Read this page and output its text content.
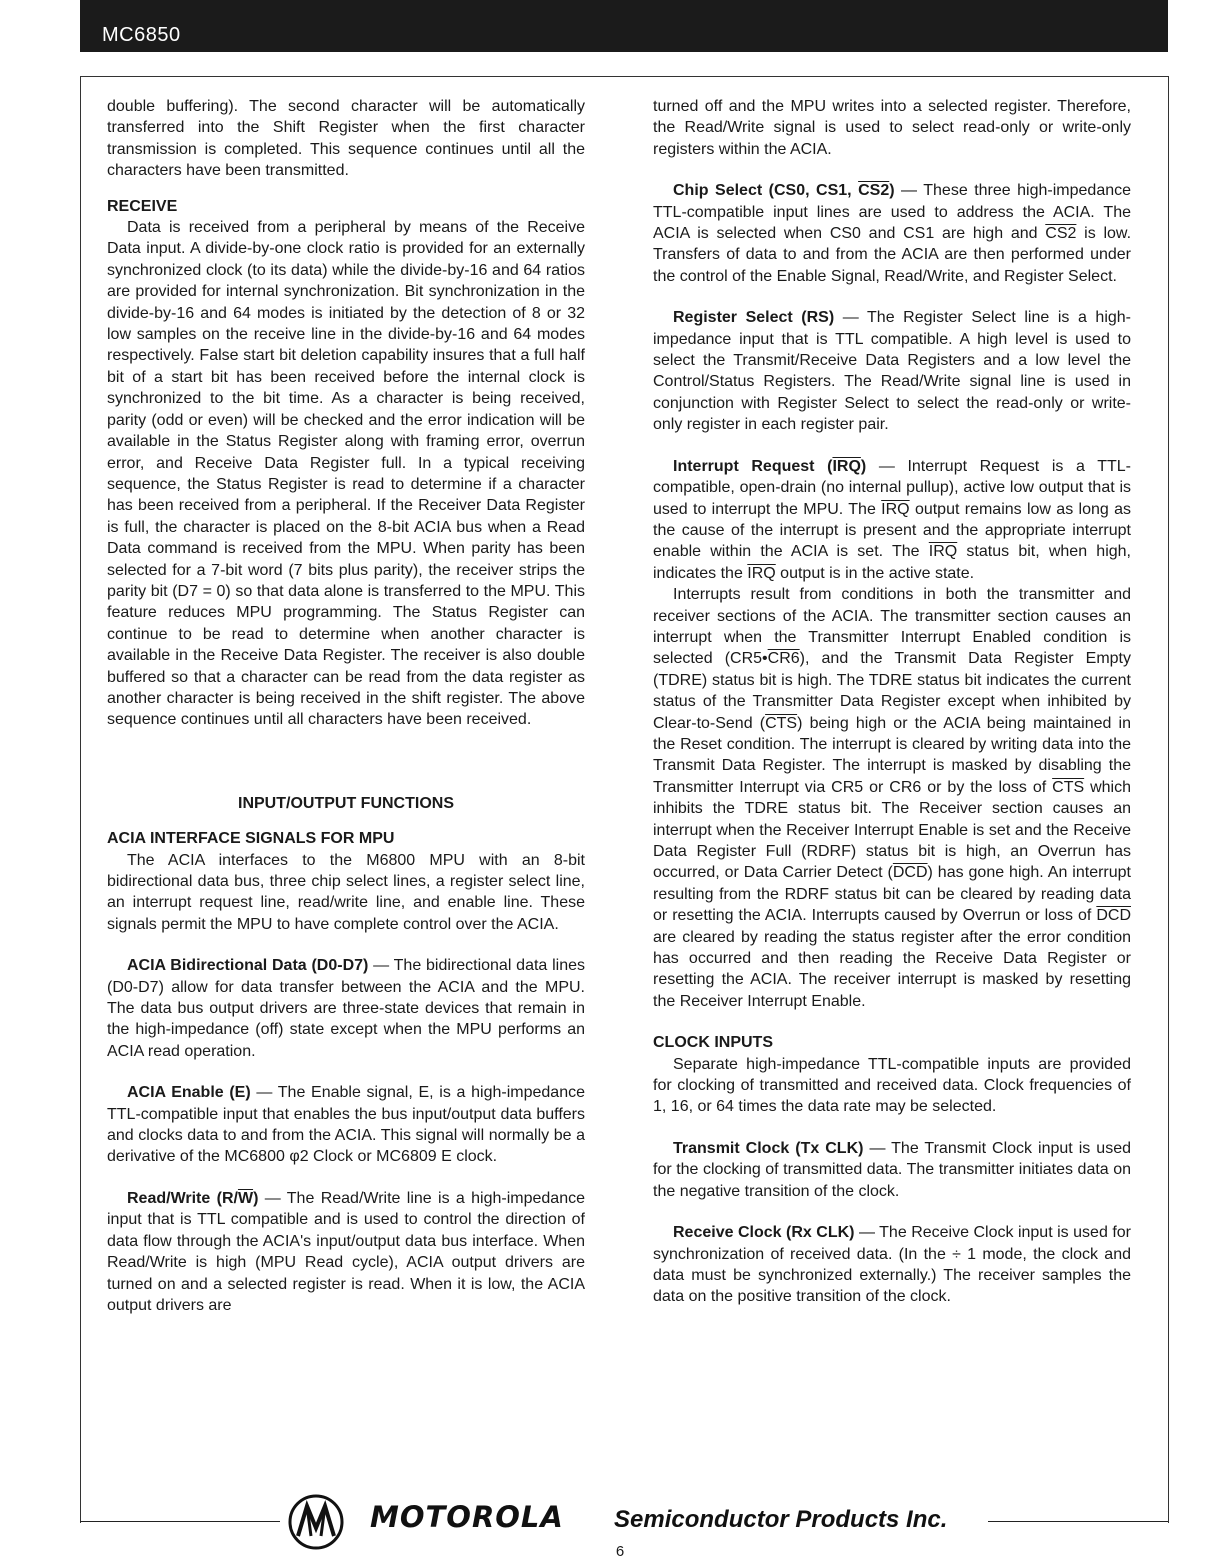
MC6850

double buffering). The second character will be automatically transferred into the Shift Register when the first character transmission is completed. This sequence continues until all the characters have been transmitted.

RECEIVE

Data is received from a peripheral by means of the Receive Data input. A divide-by-one clock ratio is provided for an externally synchronized clock (to its data) while the divide-by-16 and 64 ratios are provided for internal synchronization. Bit synchronization in the divide-by-16 and 64 modes is initiated by the detection of 8 or 32 low samples on the receive line in the divide-by-16 and 64 modes respectively. False start bit deletion capability insures that a full half bit of a start bit has been received before the internal clock is synchronized to the bit time. As a character is being received, parity (odd or even) will be checked and the error indication will be available in the Status Register along with framing error, overrun error, and Receive Data Register full. In a typical receiving sequence, the Status Register is read to determine if a character has been received from a peripheral. If the Receiver Data Register is full, the character is placed on the 8-bit ACIA bus when a Read Data command is received from the MPU. When parity has been selected for a 7-bit word (7 bits plus parity), the receiver strips the parity bit (D7 = 0) so that data alone is transferred to the MPU. This feature reduces MPU programming. The Status Register can continue to be read to determine when another character is available in the Receive Data Register. The receiver is also double buffered so that a character can be read from the data register as another character is being received in the shift register. The above sequence continues until all characters have been received.

INPUT/OUTPUT FUNCTIONS

ACIA INTERFACE SIGNALS FOR MPU

The ACIA interfaces to the M6800 MPU with an 8-bit bidirectional data bus, three chip select lines, a register select line, an interrupt request line, read/write line, and enable line. These signals permit the MPU to have complete control over the ACIA.

ACIA Bidirectional Data (D0-D7) — The bidirectional data lines (D0-D7) allow for data transfer between the ACIA and the MPU. The data bus output drivers are three-state devices that remain in the high-impedance (off) state except when the MPU performs an ACIA read operation.

ACIA Enable (E) — The Enable signal, E, is a high-impedance TTL-compatible input that enables the bus input/output data buffers and clocks data to and from the ACIA. This signal will normally be a derivative of the MC6800 φ2 Clock or MC6809 E clock.

Read/Write $(R/\overline{W})$ — The Read/Write line is a high-impedance input that is TTL compatible and is used to control the direction of data flow through the ACIA's input/output data bus interface. When Read/Write is high (MPU Read cycle), ACIA output drivers are turned on and a selected register is read. When it is low, the ACIA output drivers are

turned off and the MPU writes into a selected register. Therefore, the Read/Write signal is used to select read-only or write-only registers within the ACIA.

Chip Select (CS0, CS1, CS2) — These three high-impedance TTL-compatible input lines are used to address the ACIA. The ACIA is selected when CS0 and CS1 are high and CS2 is low. Transfers of data to and from the ACIA are then performed under the control of the Enable Signal, Read/Write, and Register Select.

Register Select (RS) — The Register Select line is a high-impedance input that is TTL compatible. A high level is used to select the Transmit/Receive Data Registers and a low level the Control/Status Registers. The Read/Write signal line is used in conjunction with Register Select to select the read-only or write-only register in each register pair.

Interrupt Request $(\overline{IRQ})$ — Interrupt Request is a TTL-compatible, open-drain (no internal pullup), active low output that is used to interrupt the MPU. The $\overline{IRQ}$ output remains low as long as the cause of the interrupt is present and the appropriate interrupt enable within the ACIA is set. The $\overline{IRQ}$ status bit, when high, indicates the $\overline{IRQ}$ output is in the active state.

Interrupts result from conditions in both the transmitter and receiver sections of the ACIA. The transmitter section causes an interrupt when the Transmitter Interrupt Enabled condition is selected (CR5•CR6), and the Transmit Data Register Empty (TDRE) status bit is high. The TDRE status bit indicates the current status of the Transmitter Data Register except when inhibited by Clear-to-Send $(\overline{CTS})$ being high or the ACIA being maintained in the Reset condition. The interrupt is cleared by writing data into the Transmit Data Register. The interrupt is masked by disabling the Transmitter Interrupt via CR5 or CR6 or by the loss of $\overline{CTS}$ which inhibits the TDRE status bit. The Receiver section causes an interrupt when the Receiver Interrupt Enable is set and the Receive Data Register Full (RDRF) status bit is high, an Overrun has occurred, or Data Carrier Detect $(\overline{DCD})$ has gone high. An interrupt resulting from the RDRF status bit can be cleared by reading data or resetting the ACIA. Interrupts caused by Overrun or loss of $\overline{DCD}$ are cleared by reading the status register after the error condition has occurred and then reading the Receive Data Register or resetting the ACIA. The receiver interrupt is masked by resetting the Receiver Interrupt Enable.

CLOCK INPUTS

Separate high-impedance TTL-compatible inputs are provided for clocking of transmitted and received data. Clock frequencies of 1, 16, or 64 times the data rate may be selected.

Transmit Clock (Tx CLK) — The Transmit Clock input is used for the clocking of transmitted data. The transmitter initiates data on the negative transition of the clock.

Receive Clock (Rx CLK) — The Receive Clock input is used for synchronization of received data. (In the ÷ 1 mode, the clock and data must be synchronized externally.) The receiver samples the data on the positive transition of the clock.

MOTOROLA Semiconductor Products Inc.
6
